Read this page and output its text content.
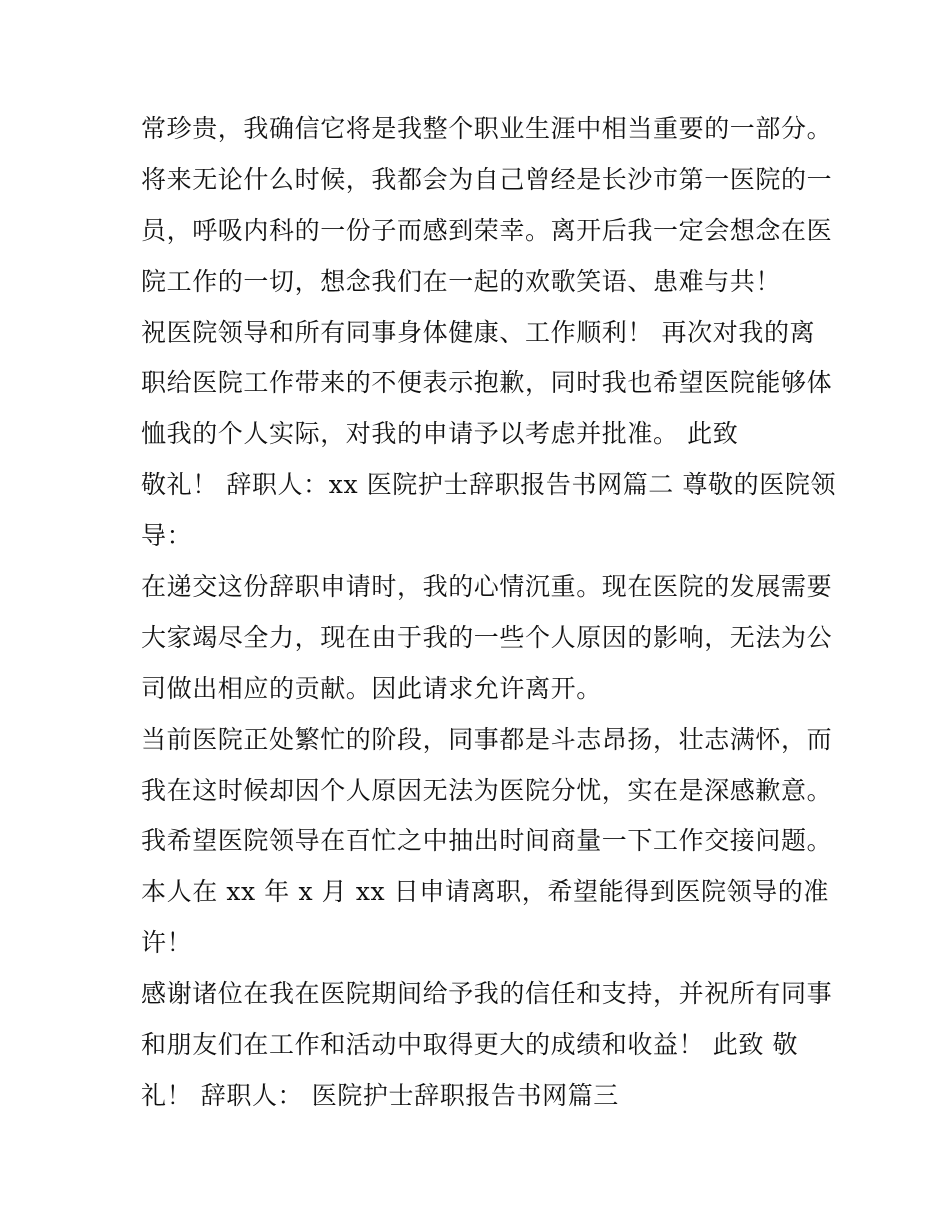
常珍贵，我确信它将是我整个职业生涯中相当重要的一部分。
将来无论什么时候，我都会为自己曾经是长沙市第一医院的一
员，呼吸内科的一份子而感到荣幸。离开后我一定会想念在医
院工作的一切，想念我们在一起的欢歌笑语、患难与共！
祝医院领导和所有同事身体健康、工作顺利！ 再次对我的离
职给医院工作带来的不便表示抱歉，同时我也希望医院能够体
恤我的个人实际，对我的申请予以考虑并批准。 此致
敬礼！ 辞职人：xx 医院护士辞职报告书网篇二 尊敬的医院领
导：
在递交这份辞职申请时，我的心情沉重。现在医院的发展需要
大家竭尽全力，现在由于我的一些个人原因的影响，无法为公
司做出相应的贡献。因此请求允许离开。
当前医院正处繁忙的阶段，同事都是斗志昂扬，壮志满怀，而
我在这时候却因个人原因无法为医院分忧，实在是深感歉意。
我希望医院领导在百忙之中抽出时间商量一下工作交接问题。
本人在 xx 年 x 月 xx 日申请离职，希望能得到医院领导的准
许！
感谢诸位在我在医院期间给予我的信任和支持，并祝所有同事
和朋友们在工作和活动中取得更大的成绩和收益！ 此致 敬
礼！ 辞职人： 医院护士辞职报告书网篇三
